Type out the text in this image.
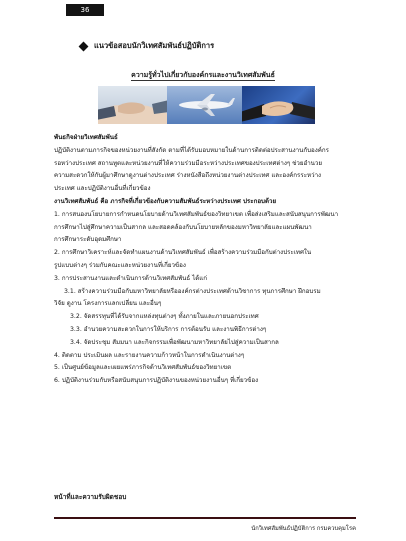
36
แนวข้อสอบนักวิเทศสัมพันธ์ปฏิบัติการ
ความรู้ทั่วไปเกี่ยวกับองค์กรและงานวิเทศสัมพันธ์

พันธกิจฝ่ายวิเทศสัมพันธ์

ปฏิบัติงานตามภารกิจของหน่วยงานที่สังกัด ตามที่ได้รับมอบหมายในด้านการติดต่อประสานงานกับองค์กร

รอหว่างประเทศ สถานทูตและหน่วยงานที่ให้ความร่วมมือระหว่างประเทศของประเทศต่างๆ ช่วยอำนวย

ความสะดวกให้กับผู้มาศึกษาดูงานต่างประเทศ ร่างหนังสือถึงหน่วยงานต่างประเทศ และองค์กรระหว่าง

ประเทศ และปฏิบัติงานอื่นที่เกี่ยวข้อง

งานวิเทศสัมพันธ์ คือ ภารกิจที่เกี่ยวข้องกับความสัมพันธ์ระหว่างประเทศ ประกอบด้วย

1. การสนองนโยบายการกำหนดนโยบายด้านวิเทศสัมพันธ์ของวิทยาเขต เพื่อส่งเสริมและสนับสนุนการพัฒนา

การศึกษาไปสู่ศึกษาความเป็นสากล และสอดคล้องกับนโยบายหลักของมหาวิทยาลัยและแผนพัฒนา

การศึกษาระดับอุดมศึกษา

2. การศึกษาวิเคราะห์และจัดทำแผนงานด้านวิเทศสัมพันธ์ เพื่อสร้างความร่วมมือกับต่างประเทศใน

รูปแบบต่างๆ ร่วมกับคณะและหน่วยงานที่เกี่ยวข้อง

3. การประสานงานและดำเนินการด้านวิเทศสัมพันธ์ ได้แก่

3.1. สร้างความร่วมมือกับมหาวิทยาลัยหรือองค์กรต่างประเทศด้านวิชาการ ทุนการศึกษา ฝึกอบรม

วิจัย ดูงาน โครงการแลกเปลี่ยน และอื่นๆ

3.2. จัดสรรทุนที่ได้รับจากแหล่งทุนต่างๆ ทั้งภายในและภายนอกประเทศ

3.3. อำนวยความสะดวกในการให้บริการ การต้อนรับ และงานพิธีการต่างๆ

3.4. จัดประชุม สัมมนา และกิจกรรมเพื่อพัฒนามหาวิทยาลัยไปสู่ความเป็นสากล

4. ติดตาม ประเมินผล และรายงานความก้าวหน้าในการดำเนินงานต่างๆ

5. เป็นศูนย์ข้อมูลและเผยแพร่ภารกิจด้านวิเทศสัมพันธ์ของวิทยาเขต

6. ปฏิบัติงานร่วมกับหรือสนับสนุนการปฏิบัติงานของหน่วยงานอื่นๆ ที่เกี่ยวข้อง

หน้าที่และความรับผิดชอบ
นักวิเทศสัมพันธ์ปฏิบัติการ กรมควบคุมโรค
